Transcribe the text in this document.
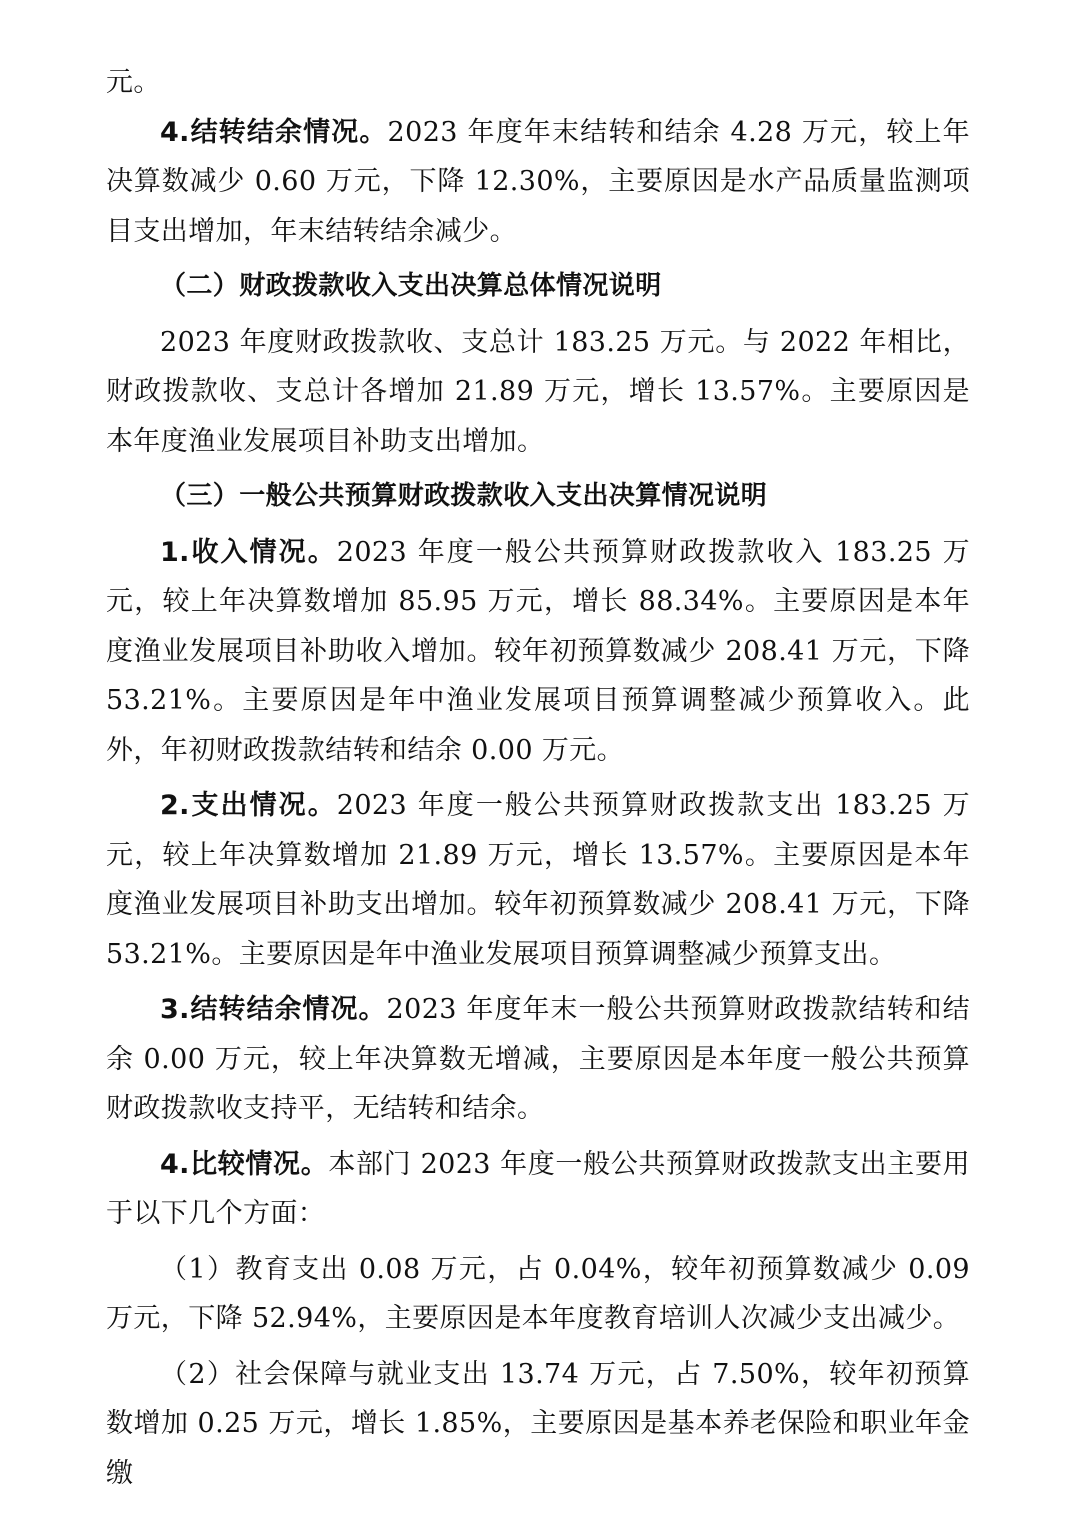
元。

4.结转结余情况。2023 年度年末结转和结余 4.28 万元，较上年决算数减少 0.60 万元，下降 12.30%，主要原因是水产品质量监测项目支出增加，年末结转结余减少。

（二）财政拨款收入支出决算总体情况说明

2023 年度财政拨款收、支总计 183.25 万元。与 2022 年相比，财政拨款收、支总计各增加 21.89 万元，增长 13.57%。主要原因是本年度渔业发展项目补助支出增加。

（三）一般公共预算财政拨款收入支出决算情况说明

1.收入情况。2023 年度一般公共预算财政拨款收入 183.25 万元，较上年决算数增加 85.95 万元，增长 88.34%。主要原因是本年度渔业发展项目补助收入增加。较年初预算数减少 208.41 万元，下降 53.21%。主要原因是年中渔业发展项目预算调整减少预算收入。此外，年初财政拨款结转和结余 0.00 万元。

2.支出情况。2023 年度一般公共预算财政拨款支出 183.25 万元，较上年决算数增加 21.89 万元，增长 13.57%。主要原因是本年度渔业发展项目补助支出增加。较年初预算数减少 208.41 万元，下降 53.21%。主要原因是年中渔业发展项目预算调整减少预算支出。

3.结转结余情况。2023 年度年末一般公共预算财政拨款结转和结余 0.00 万元，较上年决算数无增减，主要原因是本年度一般公共预算财政拨款收支持平，无结转和结余。

4.比较情况。本部门 2023 年度一般公共预算财政拨款支出主要用于以下几个方面：

（1）教育支出 0.08 万元，占 0.04%，较年初预算数减少 0.09 万元，下降 52.94%，主要原因是本年度教育培训人次减少支出减少。

（2）社会保障与就业支出 13.74 万元，占 7.50%，较年初预算数增加 0.25 万元，增长 1.85%，主要原因是基本养老保险和职业年金缴
